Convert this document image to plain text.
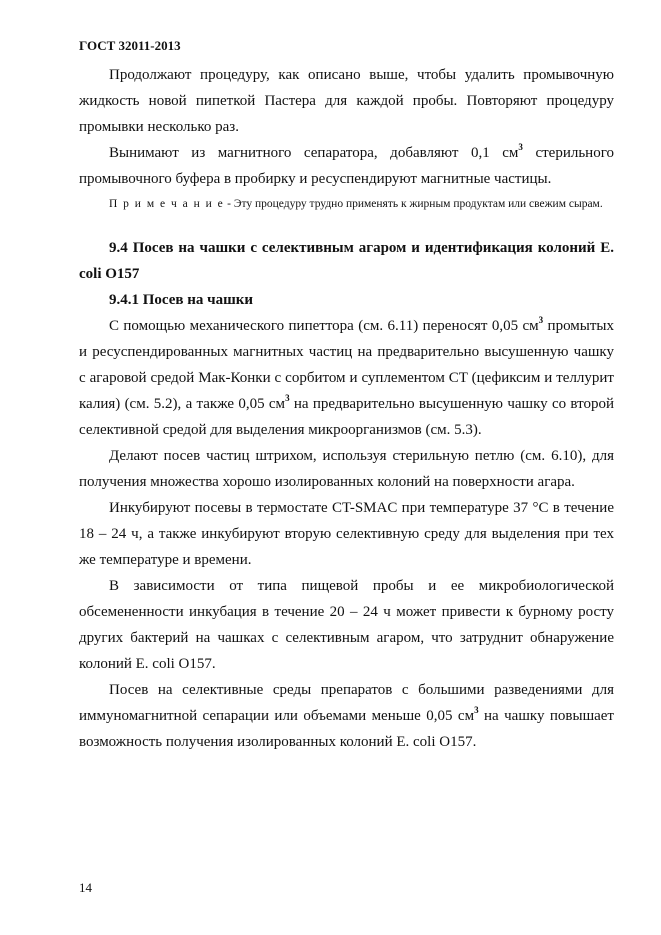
ГОСТ 32011-2013

Продолжают процедуру, как описано выше, чтобы удалить промывочную жидкость новой пипеткой Пастера для каждой пробы. Повторяют процедуру промывки несколько раз.

Вынимают из магнитного сепаратора, добавляют 0,1 $см^3$ стерильного промывочного буфера в пробирку и ресуспендируют магнитные частицы.

П р и м е ч а н и е - Эту процедуру трудно применять к жирным продуктам или свежим сырам.

9.4 Посев на чашки с селективным агаром и идентификация колоний E. coli O157

9.4.1 Посев на чашки

С помощью механического пипеттора (см. 6.11) переносят 0,05 $см^3$ промытых и ресуспендированных магнитных частиц на предварительно высушенную чашку с агаровой средой Мак-Конки с сорбитом и суплементом CT (цефиксим и теллурит калия) (см. 5.2), а также 0,05 $см^3$ на предварительно высушенную чашку со второй селективной средой для выделения микроорганизмов (см. 5.3).

Делают посев частиц штрихом, используя стерильную петлю (см. 6.10), для получения множества хорошо изолированных колоний на поверхности агара.

Инкубируют посевы в термостате CT-SMAC при температуре 37 °С в течение 18 – 24 ч, а также инкубируют вторую селективную среду для выделения при тех же температуре и времени.

В зависимости от типа пищевой пробы и ее микробиологической обсемененности инкубация в течение 20 – 24 ч может привести к бурному росту других бактерий на чашках с селективным агаром, что затруднит обнаружение колоний E. coli O157.

Посев на селективные среды препаратов с большими разведениями для иммуномагнитной сепарации или объемами меньше 0,05 $см^3$ на чашку повышает возможность получения изолированных колоний E. coli O157.

14
